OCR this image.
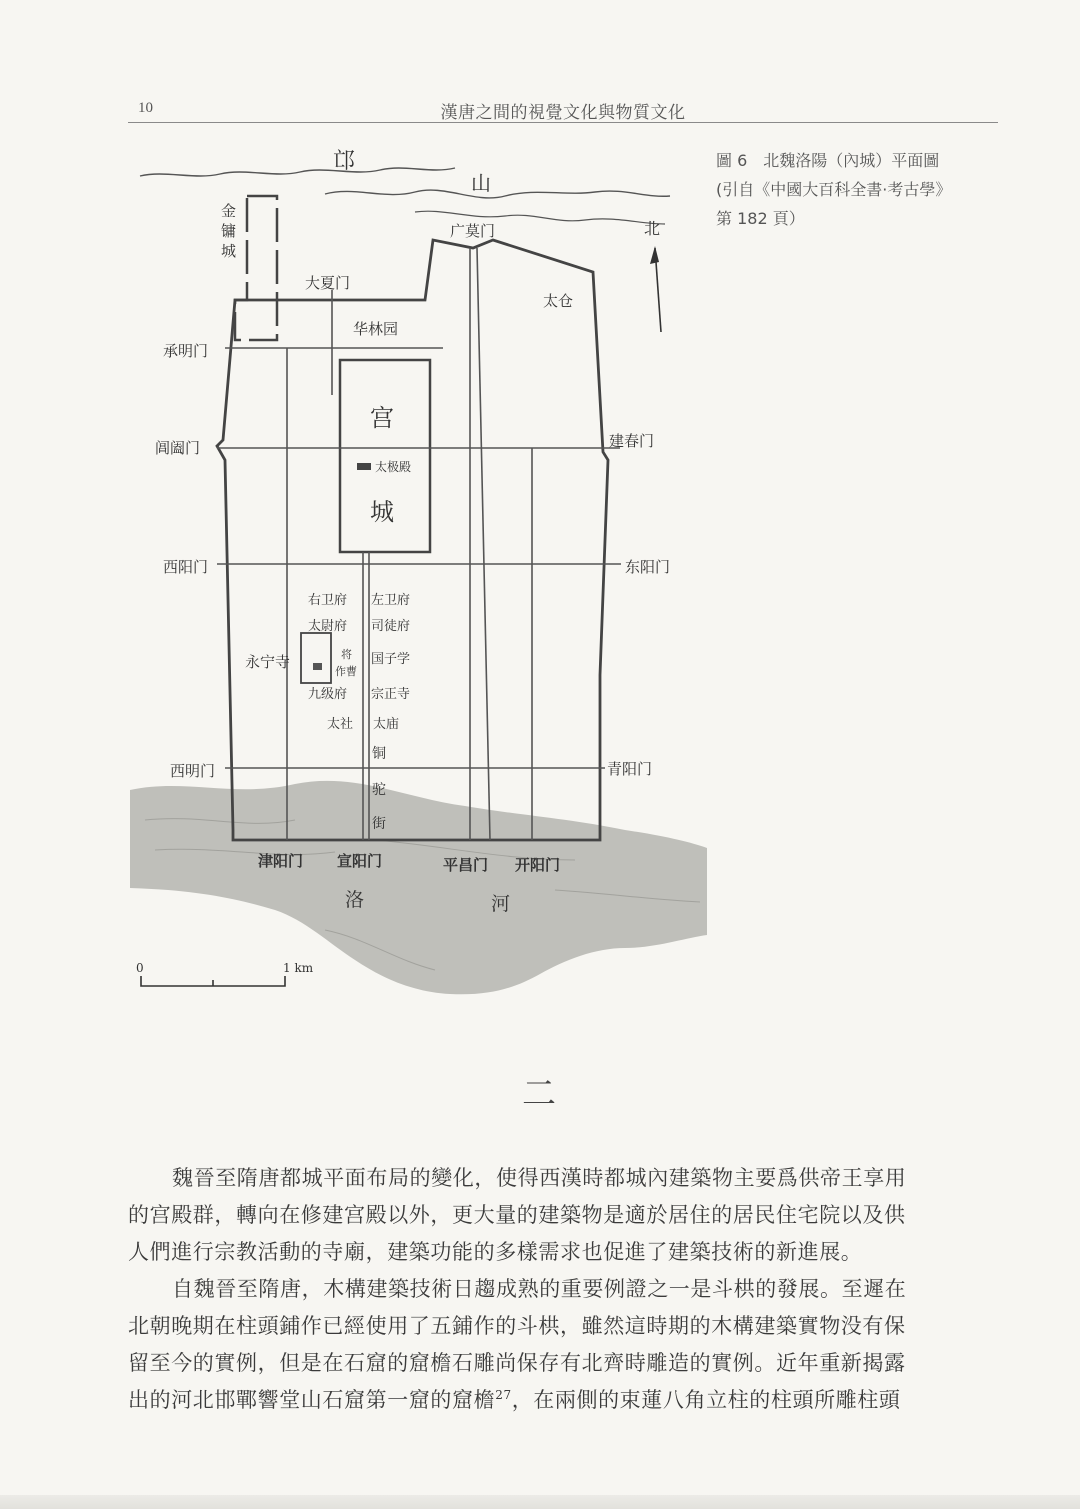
10	漢唐之間的視覺文化與物質文化
邙
山
广莫门	北
金
镛
城
大夏门
太仓
华林园
承明门
宫
城
太极殿
阊阖门	建春门
西阳门	东阳门
右卫府 左卫府
太尉府 司徒府
永宁寺	将
作曹
国子学
九级府 宗正寺
太社 太庙
铜
驼
街
西明门	青阳门
津阳门 宣阳门	平昌门 开阳门
洛	河
0	1 km
圖 6　北魏洛陽（內城）平面圖
(引自《中國大百科全書·考古學》
第 182 頁）
二
魏晉至隋唐都城平面布局的變化，使得西漢時都城內建築物主要爲供帝王享用
的宫殿群，轉向在修建宫殿以外，更大量的建築物是適於居住的居民住宅院以及供
人們進行宗教活動的寺廟，建築功能的多樣需求也促進了建築技術的新進展。
自魏晉至隋唐，木構建築技術日趨成熟的重要例證之一是斗栱的發展。至遲在
北朝晚期在柱頭鋪作已經使用了五鋪作的斗栱，雖然這時期的木構建築實物没有保
留至今的實例，但是在石窟的窟檐石雕尚保存有北齊時雕造的實例。近年重新揭露
出的河北邯鄲響堂山石窟第一窟的窟檐$^{27}$，在兩側的束蓮八角立柱的柱頭所雕柱頭
